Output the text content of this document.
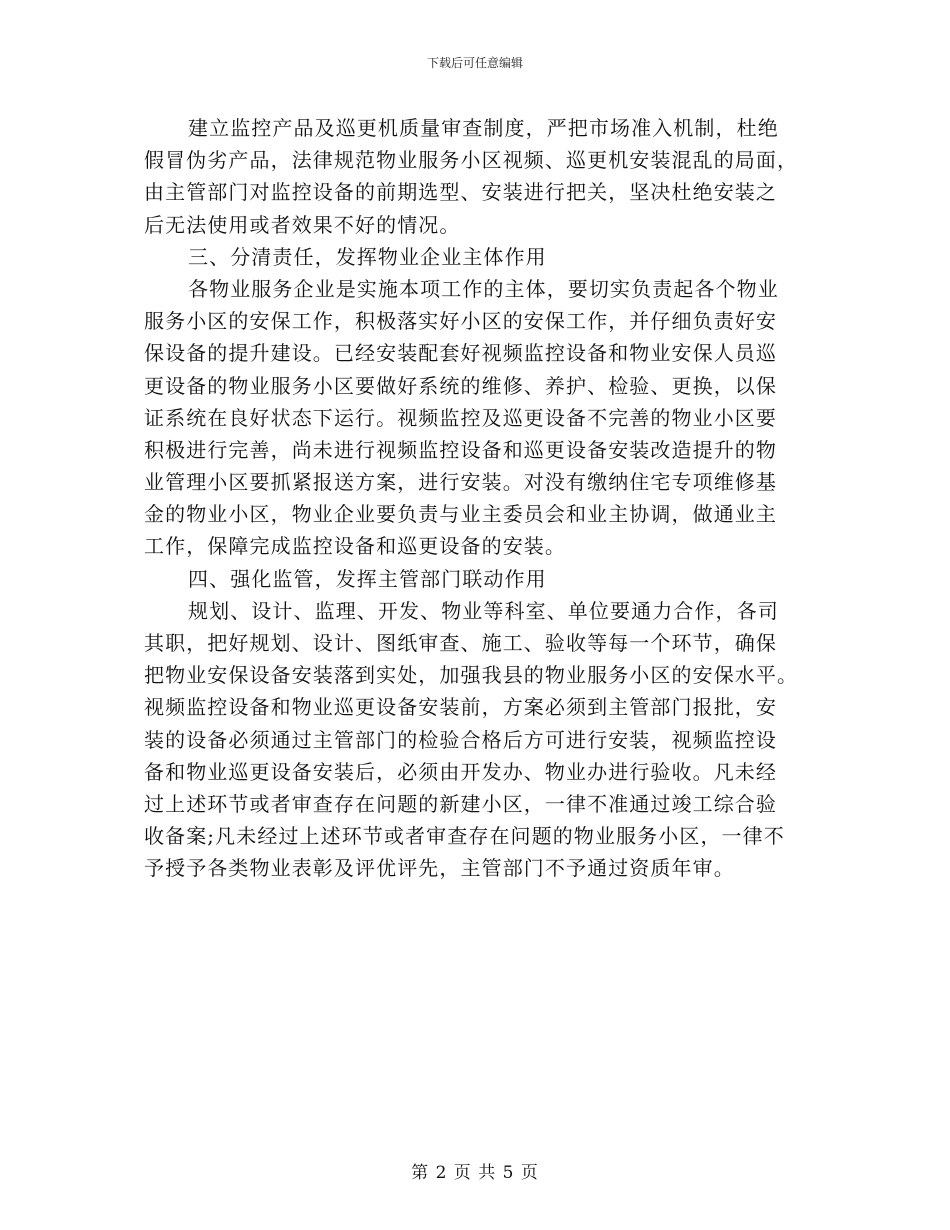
下载后可任意编辑
建立监控产品及巡更机质量审查制度，严把市场准入机制，杜绝
假冒伪劣产品，法律规范物业服务小区视频、巡更机安装混乱的局面，
由主管部门对监控设备的前期选型、安装进行把关，坚决杜绝安装之
后无法使用或者效果不好的情况。
三、分清责任，发挥物业企业主体作用
各物业服务企业是实施本项工作的主体，要切实负责起各个物业
服务小区的安保工作，积极落实好小区的安保工作，并仔细负责好安
保设备的提升建设。已经安装配套好视频监控设备和物业安保人员巡
更设备的物业服务小区要做好系统的维修、养护、检验、更换，以保
证系统在良好状态下运行。视频监控及巡更设备不完善的物业小区要
积极进行完善，尚未进行视频监控设备和巡更设备安装改造提升的物
业管理小区要抓紧报送方案，进行安装。对没有缴纳住宅专项维修基
金的物业小区，物业企业要负责与业主委员会和业主协调，做通业主
工作，保障完成监控设备和巡更设备的安装。
四、强化监管，发挥主管部门联动作用
规划、设计、监理、开发、物业等科室、单位要通力合作，各司
其职，把好规划、设计、图纸审查、施工、验收等每一个环节，确保
把物业安保设备安装落到实处，加强我县的物业服务小区的安保水平。
视频监控设备和物业巡更设备安装前，方案必须到主管部门报批，安
装的设备必须通过主管部门的检验合格后方可进行安装，视频监控设
备和物业巡更设备安装后，必须由开发办、物业办进行验收。凡未经
过上述环节或者审查存在问题的新建小区，一律不准通过竣工综合验
收备案;凡未经过上述环节或者审查存在问题的物业服务小区，一律不
予授予各类物业表彰及评优评先，主管部门不予通过资质年审。
第 2 页 共 5 页
